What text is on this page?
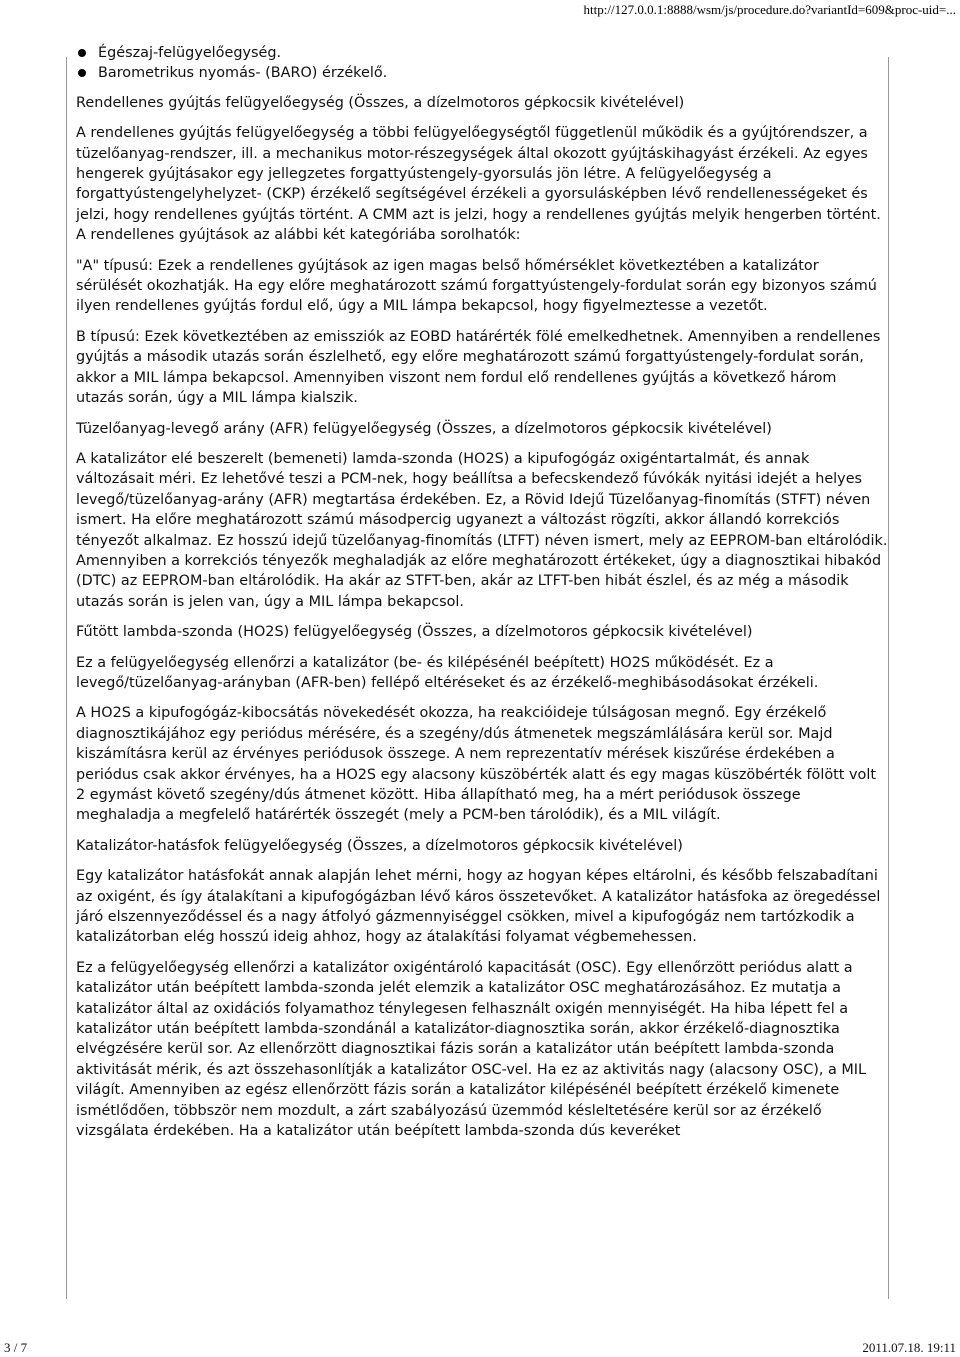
http://127.0.0.1:8888/wsm/js/procedure.do?variantId=609&proc-uid=...
Égészaj-felügyelőegység.
Barometrikus nyomás- (BARO) érzékelő.
Rendellenes gyújtás felügyelőegység (Összes, a dízelmotoros gépkocsik kivételével)

A rendellenes gyújtás felügyelőegység a többi felügyelőegységtől függetlenül működik és a gyújtórendszer, a tüzelőanyag-rendszer, ill. a mechanikus motor-részegységek által okozott gyújtáskihagyást érzékeli. Az egyes hengerek gyújtásakor egy jellegzetes forgattyústengely-gyorsulás jön létre. A felügyelőegység a forgattyústengelyhelyzet- (CKP) érzékelő segítségével érzékeli a gyorsulásképben lévő rendellenességeket és jelzi, hogy rendellenes gyújtás történt. A CMM azt is jelzi, hogy a rendellenes gyújtás melyik hengerben történt. A rendellenes gyújtások az alábbi két kategóriába sorolhatók:

"A" típusú: Ezek a rendellenes gyújtások az igen magas belső hőmérséklet következtében a katalizátor sérülését okozhatják. Ha egy előre meghatározott számú forgattyústengely-fordulat során egy bizonyos számú ilyen rendellenes gyújtás fordul elő, úgy a MIL lámpa bekapcsol, hogy figyelmeztesse a vezetőt.

B típusú: Ezek következtében az emissziók az EOBD határérték fölé emelkedhetnek. Amennyiben a rendellenes gyújtás a második utazás során észlelhető, egy előre meghatározott számú forgattyústengely-fordulat során, akkor a MIL lámpa bekapcsol. Amennyiben viszont nem fordul elő rendellenes gyújtás a következő három utazás során, úgy a MIL lámpa kialszik.

Tüzelőanyag-levegő arány (AFR) felügyelőegység (Összes, a dízelmotoros gépkocsik kivételével)

A katalizátor elé beszerelt (bemeneti) lamda-szonda (HO2S) a kipufogógáz oxigéntartalmát, és annak változásait méri. Ez lehetővé teszi a PCM-nek, hogy beállítsa a befecskendező fúvókák nyitási idejét a helyes levegő/tüzelőanyag-arány (AFR) megtartása érdekében. Ez, a Rövid Idejű Tüzelőanyag-finomítás (STFT) néven ismert. Ha előre meghatározott számú másodpercig ugyanezt a változást rögzíti, akkor állandó korrekciós tényezőt alkalmaz. Ez hosszú idejű tüzelőanyag-finomítás (LTFT) néven ismert, mely az EEPROM-ban eltárolódik. Amennyiben a korrekciós tényezők meghaladják az előre meghatározott értékeket, úgy a diagnosztikai hibakód (DTC) az EEPROM-ban eltárolódik. Ha akár az STFT-ben, akár az LTFT-ben hibát észlel, és az még a második utazás során is jelen van, úgy a MIL lámpa bekapcsol.

Fűtött lambda-szonda (HO2S) felügyelőegység (Összes, a dízelmotoros gépkocsik kivételével)

Ez a felügyelőegység ellenőrzi a katalizátor (be- és kilépésénél beépített) HO2S működését. Ez a levegő/tüzelőanyag-arányban (AFR-ben) fellépő eltéréseket és az érzékelő-meghibásodásokat érzékeli.

A HO2S a kipufogógáz-kibocsátás növekedését okozza, ha reakcióideje túlságosan megnő. Egy érzékelő diagnosztikájához egy periódus mérésére, és a szegény/dús átmenetek megszámlálására kerül sor. Majd kiszámításra kerül az érvényes periódusok összege. A nem reprezentatív mérések kiszűrése érdekében a periódus csak akkor érvényes, ha a HO2S egy alacsony küszöbérték alatt és egy magas küszöbérték fölött volt 2 egymást követő szegény/dús átmenet között. Hiba állapítható meg, ha a mért periódusok összege meghaladja a megfelelő határérték összegét (mely a PCM-ben tárolódik), és a MIL világít.

Katalizátor-hatásfok felügyelőegység (Összes, a dízelmotoros gépkocsik kivételével)

Egy katalizátor hatásfokát annak alapján lehet mérni, hogy az hogyan képes eltárolni, és később felszabadítani az oxigént, és így átalakítani a kipufogógázban lévő káros összetevőket. A katalizátor hatásfoka az öregedéssel járó elszennyeződéssel és a nagy átfolyó gázmennyiséggel csökken, mivel a kipufogógáz nem tartózkodik a katalizátorban elég hosszú ideig ahhoz, hogy az átalakítási folyamat végbemehessen.

Ez a felügyelőegység ellenőrzi a katalizátor oxigéntároló kapacitását (OSC). Egy ellenőrzött periódus alatt a katalizátor után beépített lambda-szonda jelét elemzik a katalizátor OSC meghatározásához. Ez mutatja a katalizátor által az oxidációs folyamathoz ténylegesen felhasznált oxigén mennyiségét. Ha hiba lépett fel a katalizátor után beépített lambda-szondánál a katalizátor-diagnosztika során, akkor érzékelő-diagnosztika elvégzésére kerül sor. Az ellenőrzött diagnosztikai fázis során a katalizátor után beépített lambda-szonda aktivitását mérik, és azt összehasonlítják a katalizátor OSC-vel. Ha ez az aktivitás nagy (alacsony OSC), a MIL világít. Amennyiben az egész ellenőrzött fázis során a katalizátor kilépésénél beépített érzékelő kimenete ismétlődően, többször nem mozdult, a zárt szabályozású üzemmód késleltetésére kerül sor az érzékelő vizsgálata érdekében. Ha a katalizátor után beépített lambda-szonda dús keveréket

3 / 7	2011.07.18. 19:11
